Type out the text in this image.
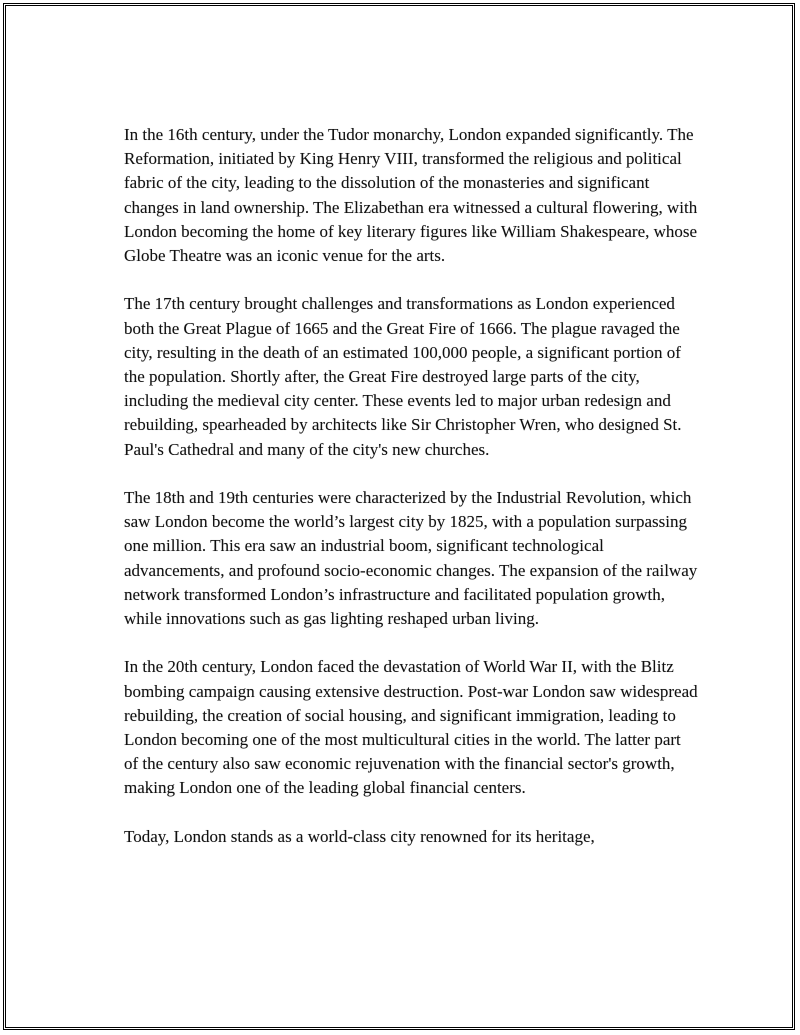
In the 16th century, under the Tudor monarchy, London expanded significantly. The Reformation, initiated by King Henry VIII, transformed the religious and political fabric of the city, leading to the dissolution of the monasteries and significant changes in land ownership. The Elizabethan era witnessed a cultural flowering, with London becoming the home of key literary figures like William Shakespeare, whose Globe Theatre was an iconic venue for the arts.

The 17th century brought challenges and transformations as London experienced both the Great Plague of 1665 and the Great Fire of 1666. The plague ravaged the city, resulting in the death of an estimated 100,000 people, a significant portion of the population. Shortly after, the Great Fire destroyed large parts of the city, including the medieval city center. These events led to major urban redesign and rebuilding, spearheaded by architects like Sir Christopher Wren, who designed St. Paul's Cathedral and many of the city's new churches.

The 18th and 19th centuries were characterized by the Industrial Revolution, which saw London become the world’s largest city by 1825, with a population surpassing one million. This era saw an industrial boom, significant technological advancements, and profound socio-economic changes. The expansion of the railway network transformed London’s infrastructure and facilitated population growth, while innovations such as gas lighting reshaped urban living.

In the 20th century, London faced the devastation of World War II, with the Blitz bombing campaign causing extensive destruction. Post-war London saw widespread rebuilding, the creation of social housing, and significant immigration, leading to London becoming one of the most multicultural cities in the world. The latter part of the century also saw economic rejuvenation with the financial sector's growth, making London one of the leading global financial centers.

Today, London stands as a world-class city renowned for its heritage,
